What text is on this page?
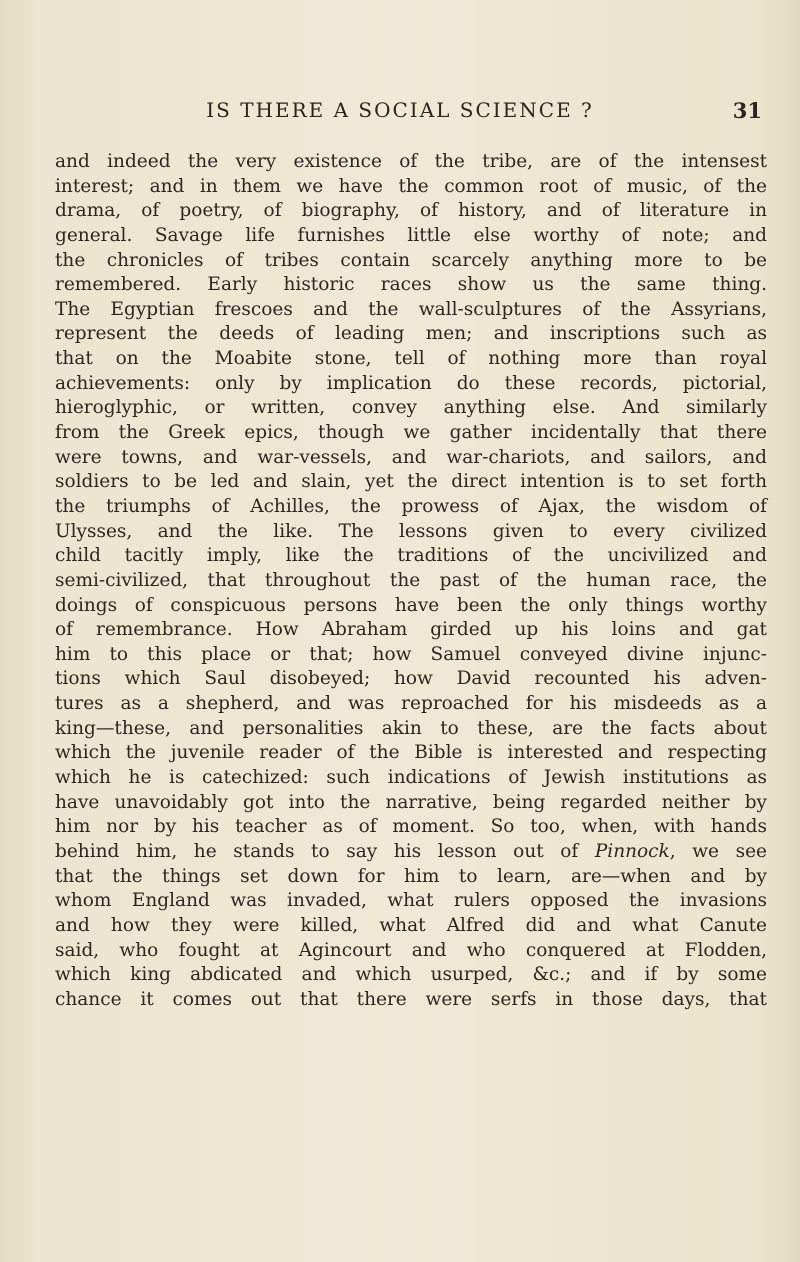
IS THERE A SOCIAL SCIENCE ?	31
and indeed the very existence of the tribe, are of the intensest
interest; and in them we have the common root of music, of the
drama, of poetry, of biography, of history, and of literature in
general. Savage life furnishes little else worthy of note; and
the chronicles of tribes contain scarcely anything more to be
remembered. Early historic races show us the same thing.
The Egyptian frescoes and the wall-sculptures of the Assyrians,
represent the deeds of leading men; and inscriptions such as
that on the Moabite stone, tell of nothing more than royal
achievements: only by implication do these records, pictorial,
hieroglyphic, or written, convey anything else. And similarly
from the Greek epics, though we gather incidentally that there
were towns, and war-vessels, and war-chariots, and sailors, and
soldiers to be led and slain, yet the direct intention is to set forth
the triumphs of Achilles, the prowess of Ajax, the wisdom of
Ulysses, and the like. The lessons given to every civilized
child tacitly imply, like the traditions of the uncivilized and
semi-civilized, that throughout the past of the human race, the
doings of conspicuous persons have been the only things worthy
of remembrance. How Abraham girded up his loins and gat
him to this place or that; how Samuel conveyed divine injunc-
tions which Saul disobeyed; how David recounted his adven-
tures as a shepherd, and was reproached for his misdeeds as a
king—these, and personalities akin to these, are the facts about
which the juvenile reader of the Bible is interested and respecting
which he is catechized: such indications of Jewish institutions as
have unavoidably got into the narrative, being regarded neither by
him nor by his teacher as of moment. So too, when, with hands
behind him, he stands to say his lesson out of Pinnock, we see
that the things set down for him to learn, are—when and by
whom England was invaded, what rulers opposed the invasions
and how they were killed, what Alfred did and what Canute
said, who fought at Agincourt and who conquered at Flodden,
which king abdicated and which usurped, &c.; and if by some
chance it comes out that there were serfs in those days, that
